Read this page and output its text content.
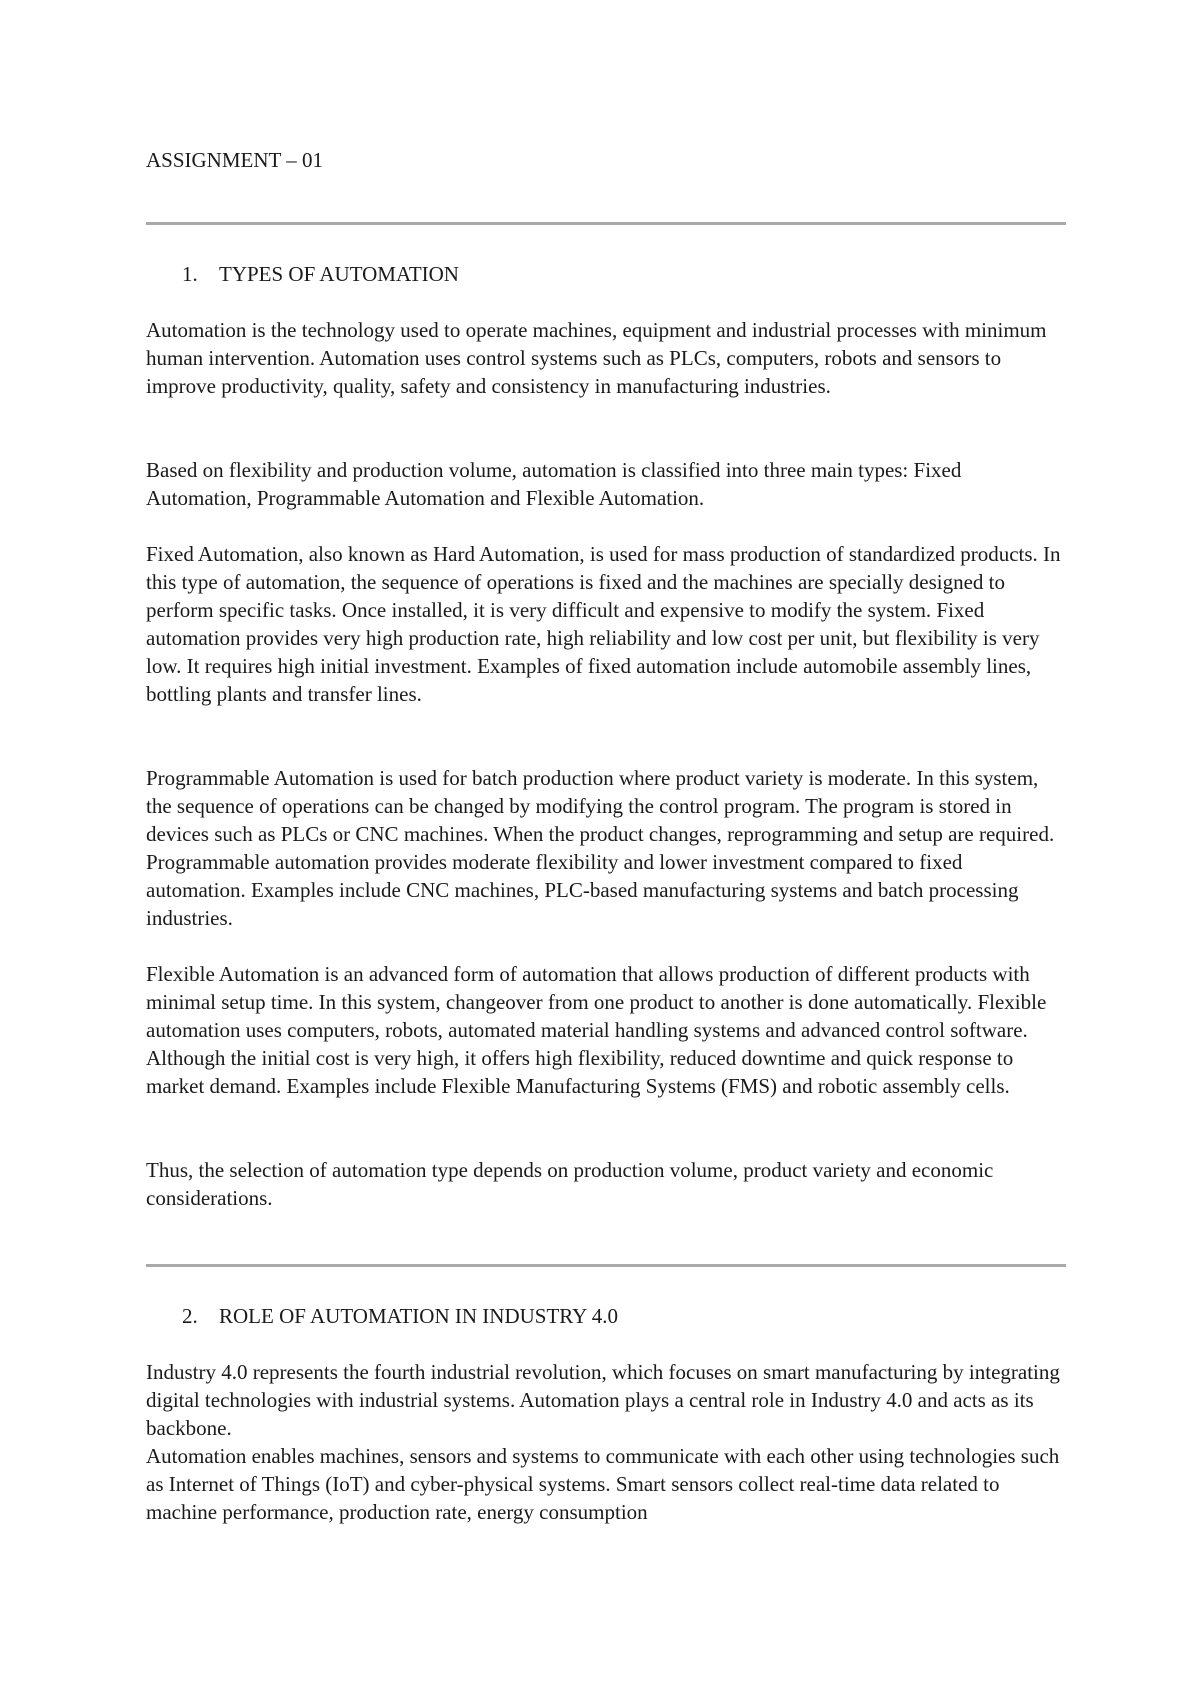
ASSIGNMENT – 01
1. TYPES OF AUTOMATION

Automation is the technology used to operate machines, equipment and industrial processes with minimum human intervention. Automation uses control systems such as PLCs, computers, robots and sensors to improve productivity, quality, safety and consistency in manufacturing industries.

Based on flexibility and production volume, automation is classified into three main types: Fixed Automation, Programmable Automation and Flexible Automation.

Fixed Automation, also known as Hard Automation, is used for mass production of standardized products. In this type of automation, the sequence of operations is fixed and the machines are specially designed to perform specific tasks. Once installed, it is very difficult and expensive to modify the system. Fixed automation provides very high production rate, high reliability and low cost per unit, but flexibility is very low. It requires high initial investment. Examples of fixed automation include automobile assembly lines, bottling plants and transfer lines.

Programmable Automation is used for batch production where product variety is moderate. In this system, the sequence of operations can be changed by modifying the control program. The program is stored in devices such as PLCs or CNC machines. When the product changes, reprogramming and setup are required. Programmable automation provides moderate flexibility and lower investment compared to fixed automation. Examples include CNC machines, PLC-based manufacturing systems and batch processing industries.

Flexible Automation is an advanced form of automation that allows production of different products with minimal setup time. In this system, changeover from one product to another is done automatically. Flexible automation uses computers, robots, automated material handling systems and advanced control software. Although the initial cost is very high, it offers high flexibility, reduced downtime and quick response to market demand. Examples include Flexible Manufacturing Systems (FMS) and robotic assembly cells.

Thus, the selection of automation type depends on production volume, product variety and economic considerations.

2. ROLE OF AUTOMATION IN INDUSTRY 4.0

Industry 4.0 represents the fourth industrial revolution, which focuses on smart manufacturing by integrating digital technologies with industrial systems. Automation plays a central role in Industry 4.0 and acts as its backbone.

Automation enables machines, sensors and systems to communicate with each other using technologies such as Internet of Things (IoT) and cyber-physical systems. Smart sensors collect real-time data related to machine performance, production rate, energy consumption
